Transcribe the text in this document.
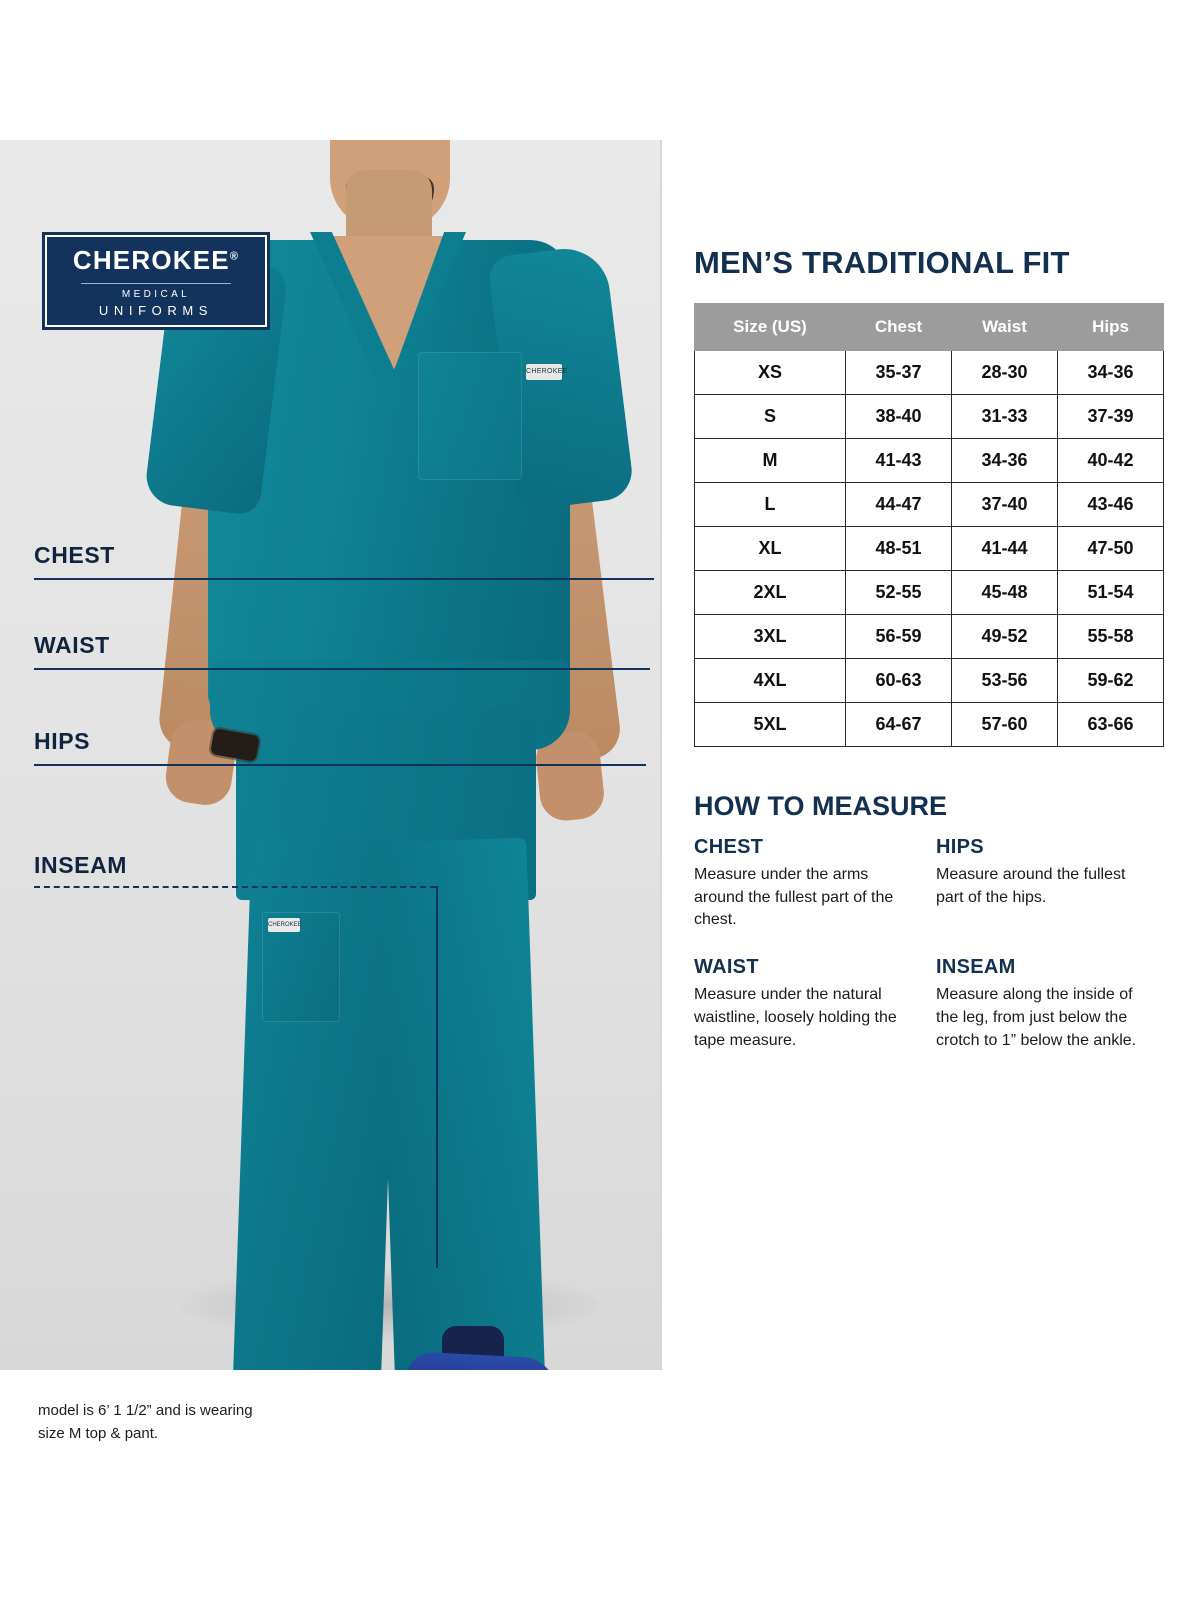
CHEROKEE
CHEROKEE
CHEROKEE®
MEDICAL
UNIFORMS
CHEST
WAIST
HIPS
INSEAM
model is 6’ 1 1/2” and is wearing size M top & pant.
MEN’S TRADITIONAL FIT
Size (US)	Chest	Waist	Hips
XS	35-37	28-30	34-36
S	38-40	31-33	37-39
M	41-43	34-36	40-42
L	44-47	37-40	43-46
XL	48-51	41-44	47-50
2XL	52-55	45-48	51-54
3XL	56-59	49-52	55-58
4XL	60-63	53-56	59-62
5XL	64-67	57-60	63-66
HOW TO MEASURE
CHEST

Measure under the arms around the fullest part of the chest.

HIPS

Measure around the fullest part of the hips.

WAIST

Measure under the natural waistline, loosely holding the tape measure.

INSEAM

Measure along the inside of the leg, from just below the crotch to 1” below the ankle.
